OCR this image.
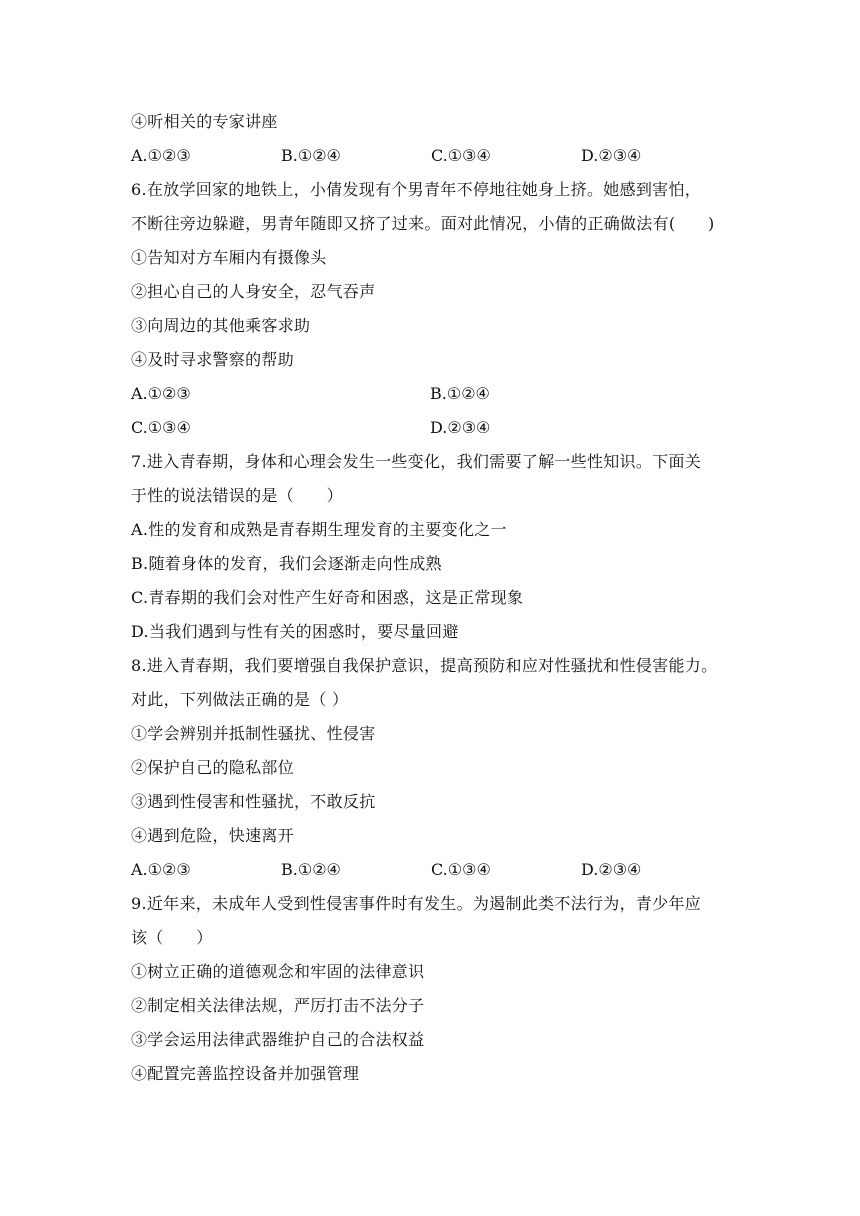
④听相关的专家讲座
A.①②③	B.①②④	C.①③④	D.②③④
6.在放学回家的地铁上，小倩发现有个男青年不停地往她身上挤。她感到害怕，
不断往旁边躲避，男青年随即又挤了过来。面对此情况，小倩的正确做法有(　　)
①告知对方车厢内有摄像头
②担心自己的人身安全，忍气吞声
③向周边的其他乘客求助
④及时寻求警察的帮助
A.①②③	B.①②④
C.①③④	D.②③④
7.进入青春期，身体和心理会发生一些变化，我们需要了解一些性知识。下面关
于性的说法错误的是（　　）
A.性的发育和成熟是青春期生理发育的主要变化之一
B.随着身体的发育，我们会逐渐走向性成熟
C.青春期的我们会对性产生好奇和困惑，这是正常现象
D.当我们遇到与性有关的困惑时，要尽量回避
8.进入青春期，我们要增强自我保护意识，提高预防和应对性骚扰和性侵害能力。
对此，下列做法正确的是（ ）
①学会辨别并抵制性骚扰、性侵害
②保护自己的隐私部位
③遇到性侵害和性骚扰，不敢反抗
④遇到危险，快速离开
A.①②③	B.①②④	C.①③④	D.②③④
9.近年来，未成年人受到性侵害事件时有发生。为遏制此类不法行为，青少年应
该（　　）
①树立正确的道德观念和牢固的法律意识
②制定相关法律法规，严厉打击不法分子
③学会运用法律武器维护自己的合法权益
④配置完善监控设备并加强管理
